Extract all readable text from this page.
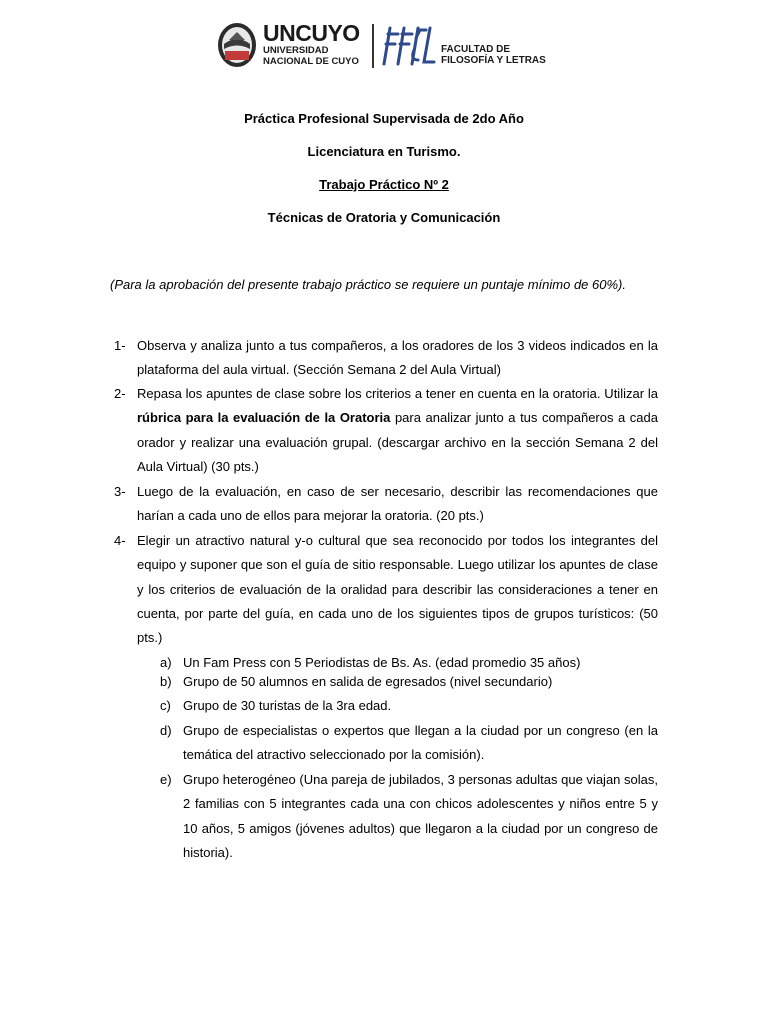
UNCUYO
UNIVERSIDAD
NACIONAL DE CUYO
FACULTAD DE
FILOSOFÍA Y LETRAS
Práctica Profesional Supervisada de 2do Año
Licenciatura en Turismo.
Trabajo Práctico Nº 2
Técnicas de Oratoria y Comunicación
(Para la aprobación del presente trabajo práctico se requiere un puntaje mínimo de 60%).
1- Observa y analiza junto a tus compañeros, a los oradores de los 3 videos indicados en la plataforma del aula virtual. (Sección Semana 2 del Aula Virtual)
2- Repasa los apuntes de clase sobre los criterios a tener en cuenta en la oratoria. Utilizar la rúbrica para la evaluación de la Oratoria para analizar junto a tus compañeros a cada orador y realizar una evaluación grupal. (descargar archivo en la sección Semana 2 del Aula Virtual) (30 pts.)
3- Luego de la evaluación, en caso de ser necesario, describir las recomendaciones que harían a cada uno de ellos para mejorar la oratoria. (20 pts.)
4- Elegir un atractivo natural y-o cultural que sea reconocido por todos los integrantes del equipo y suponer que son el guía de sitio responsable. Luego utilizar los apuntes de clase y los criterios de evaluación de la oralidad para describir las consideraciones a tener en cuenta, por parte del guía, en cada uno de los siguientes tipos de grupos turísticos: (50 pts.)
a) Un Fam Press con 5 Periodistas de Bs. As. (edad promedio 35 años)
b) Grupo de 50 alumnos en salida de egresados (nivel secundario)
c) Grupo de 30 turistas de la 3ra edad.
d) Grupo de especialistas o expertos que llegan a la ciudad por un congreso (en la temática del atractivo seleccionado por la comisión).
e) Grupo heterogéneo (Una pareja de jubilados, 3 personas adultas que viajan solas, 2 familias con 5 integrantes cada una con chicos adolescentes y niños entre 5 y 10 años, 5 amigos (jóvenes adultos) que llegaron a la ciudad por un congreso de historia).
